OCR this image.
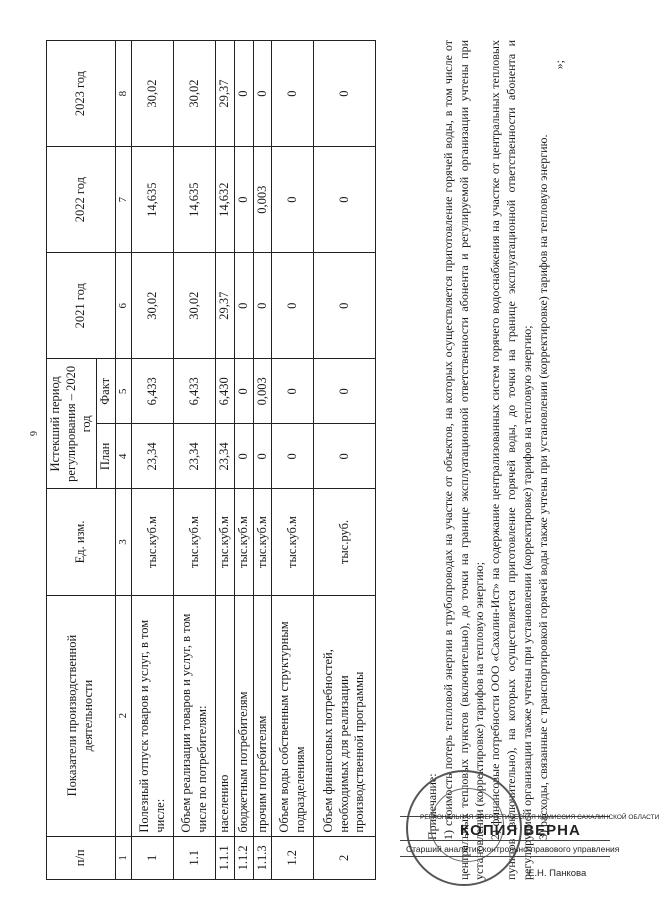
6
п/п	Показатели производственной деятельности	Ед. изм.	Истекший период регулирования – 2020 год		2021 год	2022 год	2023 год
			План	Факт			
1	2	3	4	5	6	7	8
1	Полезный отпуск товаров и услуг, в том числе:	тыс.куб.м	23,34	6,433	30,02	14,635	30,02
1.1	Объем реализации товаров и услуг, в том числе по потребителям:	тыс.куб.м	23,34	6,433	30,02	14,635	30,02
1.1.1	населению	тыс.куб.м	23,34	6,430	29,37	14,632	29,37
1.1.2	бюджетным потребителям	тыс.куб.м	0	0	0	0	0
1.1.3	прочим потребителям	тыс.куб.м	0	0,003	0	0,003	0
1.2	Объем воды собственным структурным подразделениям	тыс.куб.м	0	0	0	0	0
2	Объем финансовых потребностей, необходимых для реализации производственной программы	тыс.руб.	0	0	0	0	0

Примечание: 1) стоимость потерь тепловой энергии в трубопроводах на участке от объектов, на которых осуществляется приготовление горячей воды, в том числе от центральных тепловых пунктов (включительно), до точки на границе эксплуатационной ответственности абонента и регулируемой организации учтены при установлении (корректировке) тарифов на тепловую энергию; 2) финансовые потребности ООО «Сахалин-Ист» на содержание централизованных систем горячего водоснабжения на участке от центральных тепловых пунктов (включительно), на которых осуществляется приготовление горячей воды, до точки на границе эксплуатационной ответственности абонента и регулируемой организации также учтены при установлении (корректировке) тарифов на тепловую энергию; 3) расходы, связанные с транспортировкой горячей воды также учтены при установлении (корректировке) тарифов на тепловую энергию.

»;

РЕГИОНАЛЬНАЯ ЭНЕРГЕТИЧЕСКАЯ КОМИССИЯ САХАЛИНСКОЙ ОБЛАСТИ
КОПИЯ ВЕРНА
Старший аналитик контрольно-правового управления
Е.Н. Панкова
